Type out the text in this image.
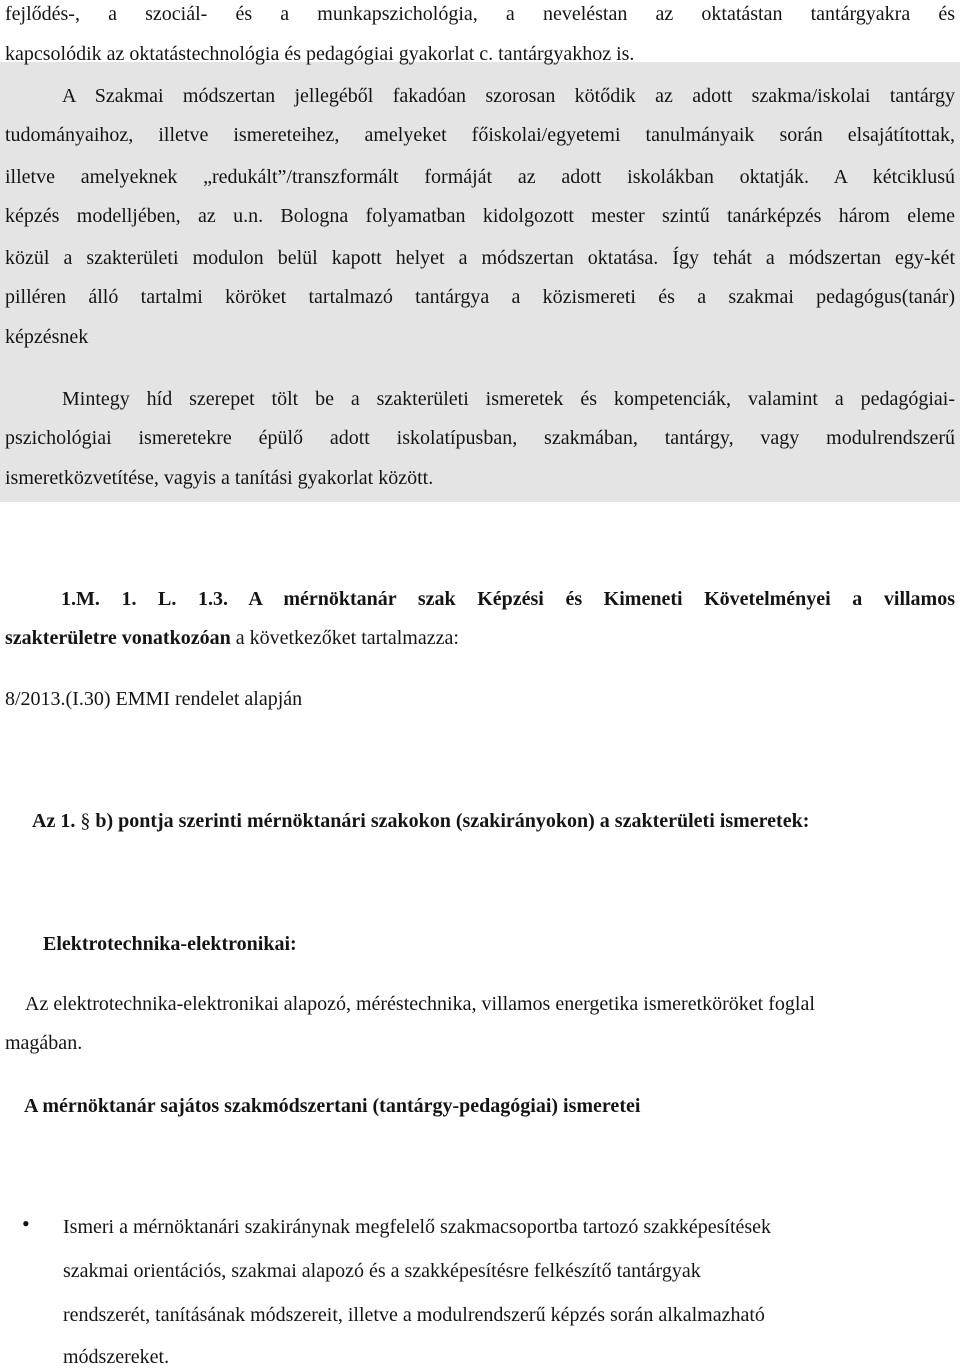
fejlődés-, a szociál- és a munkapszichológia, a neveléstan az oktatástan tantárgyakra és
kapcsolódik az oktatástechnológia és pedagógiai gyakorlat c. tantárgyakhoz is.
A Szakmai módszertan jellegéből fakadóan szorosan kötődik az adott szakma/iskolai tantárgy
tudományaihoz, illetve ismereteihez, amelyeket főiskolai/egyetemi tanulmányaik során elsajátítottak,
illetve amelyeknek „redukált”/transzformált formáját az adott iskolákban oktatják. A kétciklusú
képzés modelljében, az u.n. Bologna folyamatban kidolgozott mester szintű tanárképzés három eleme
közül a szakterületi modulon belül kapott helyet a módszertan oktatása. Így tehát a módszertan egy-két
pilléren álló tartalmi köröket tartalmazó tantárgya a közismereti és a szakmai pedagógus(tanár)
képzésnek
Mintegy híd szerepet tölt be a szakterületi ismeretek és kompetenciák, valamint a pedagógiai-
pszichológiai ismeretekre épülő adott iskolatípusban, szakmában, tantárgy, vagy modulrendszerű
ismeretközvetítése, vagyis a tanítási gyakorlat között.
1.M. 1. L. 1.3. A mérnöktanár szak Képzési és Kimeneti Követelményei a villamos
szakterületre vonatkozóan a következőket tartalmazza:
8/2013.(I.30) EMMI rendelet alapján
Az 1. § b) pontja szerinti mérnöktanári szakokon (szakirányokon) a szakterületi ismeretek:
Elektrotechnika-elektronikai:
Az elektrotechnika-elektronikai alapozó, méréstechnika, villamos energetika ismeretköröket foglal
magában.
A mérnöktanár sajátos szakmódszertani (tantárgy-pedagógiai) ismeretei
• Ismeri a mérnöktanári szakiránynak megfelelő szakmacsoportba tartozó szakképesítések
szakmai orientációs, szakmai alapozó és a szakképesítésre felkészítő tantárgyak
rendszerét, tanításának módszereit, illetve a modulrendszerű képzés során alkalmazható
módszereket.
